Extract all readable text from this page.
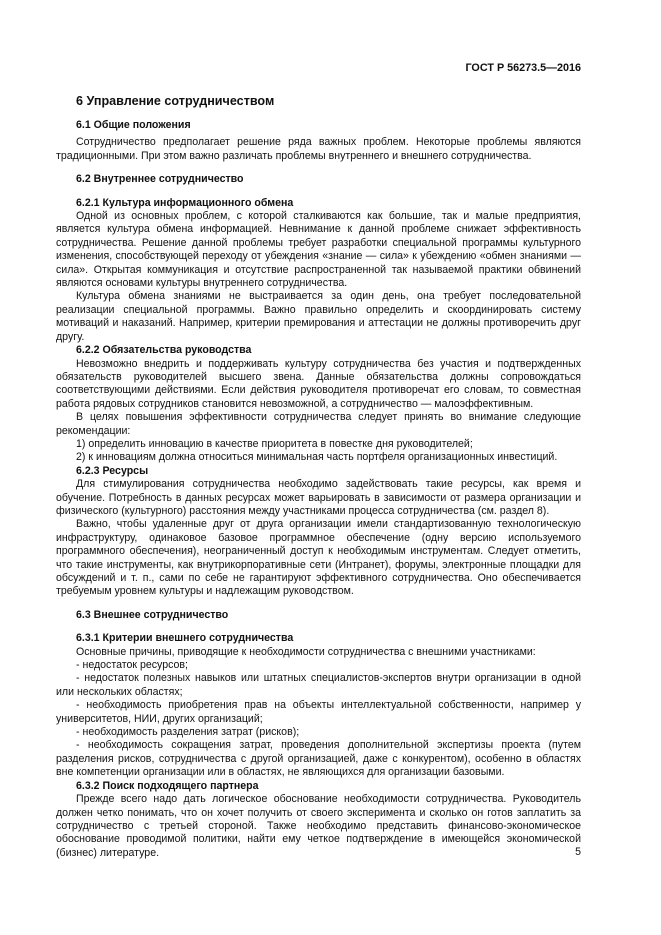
ГОСТ Р 56273.5—2016
6 Управление сотрудничеством
6.1 Общие положения

Сотрудничество предполагает решение ряда важных проблем. Некоторые проблемы являются традиционными. При этом важно различать проблемы внутреннего и внешнего сотрудничества.

6.2 Внутреннее сотрудничество
6.2.1 Культура информационного обмена

Одной из основных проблем, с которой сталкиваются как большие, так и малые предприятия, является культура обмена информацией. Невнимание к данной проблеме снижает эффективность сотрудничества. Решение данной проблемы требует разработки специальной программы культурного изменения, способствующей переходу от убеждения «знание — сила» к убеждению «обмен знаниями — сила». Открытая коммуникация и отсутствие распространенной так называемой практики обвинений являются основами культуры внутреннего сотрудничества.

Культура обмена знаниями не выстраивается за один день, она требует последовательной реализации специальной программы. Важно правильно определить и скоординировать систему мотиваций и наказаний. Например, критерии премирования и аттестации не должны противоречить друг другу.

6.2.2 Обязательства руководства

Невозможно внедрить и поддерживать культуру сотрудничества без участия и подтвержденных обязательств руководителей высшего звена. Данные обязательства должны сопровождаться соответствующими действиями. Если действия руководителя противоречат его словам, то совместная работа рядовых сотрудников становится невозможной, а сотрудничество — малоэффективным.

В целях повышения эффективности сотрудничества следует принять во внимание следующие рекомендации:

1) определить инновацию в качестве приоритета в повестке дня руководителей;
2) к инновациям должна относиться минимальная часть портфеля организационных инвестиций.
6.2.3 Ресурсы

Для стимулирования сотрудничества необходимо задействовать такие ресурсы, как время и обучение. Потребность в данных ресурсах может варьировать в зависимости от размера организации и физического (культурного) расстояния между участниками процесса сотрудничества (см. раздел 8).

Важно, чтобы удаленные друг от друга организации имели стандартизованную технологическую инфраструктуру, одинаковое базовое программное обеспечение (одну версию используемого программного обеспечения), неограниченный доступ к необходимым инструментам. Следует отметить, что такие инструменты, как внутрикорпоративные сети (Интранет), форумы, электронные площадки для обсуждений и т. п., сами по себе не гарантируют эффективного сотрудничества. Оно обеспечивается требуемым уровнем культуры и надлежащим руководством.

6.3 Внешнее сотрудничество
6.3.1 Критерии внешнего сотрудничества

Основные причины, приводящие к необходимости сотрудничества с внешними участниками:

- недостаток ресурсов;
- недостаток полезных навыков или штатных специалистов-экспертов внутри организации в одной или нескольких областях;
- необходимость приобретения прав на объекты интеллектуальной собственности, например у университетов, НИИ, других организаций;
- необходимость разделения затрат (рисков);
- необходимость сокращения затрат, проведения дополнительной экспертизы проекта (путем разделения рисков, сотрудничества с другой организацией, даже с конкурентом), особенно в областях вне компетенции организации или в областях, не являющихся для организации базовыми.
6.3.2 Поиск подходящего партнера

Прежде всего надо дать логическое обоснование необходимости сотрудничества. Руководитель должен четко понимать, что он хочет получить от своего эксперимента и сколько он готов заплатить за сотрудничество с третьей стороной. Также необходимо представить финансово-экономическое обоснование проводимой политики, найти ему четкое подтверждение в имеющейся экономической (бизнес) литературе.	5
